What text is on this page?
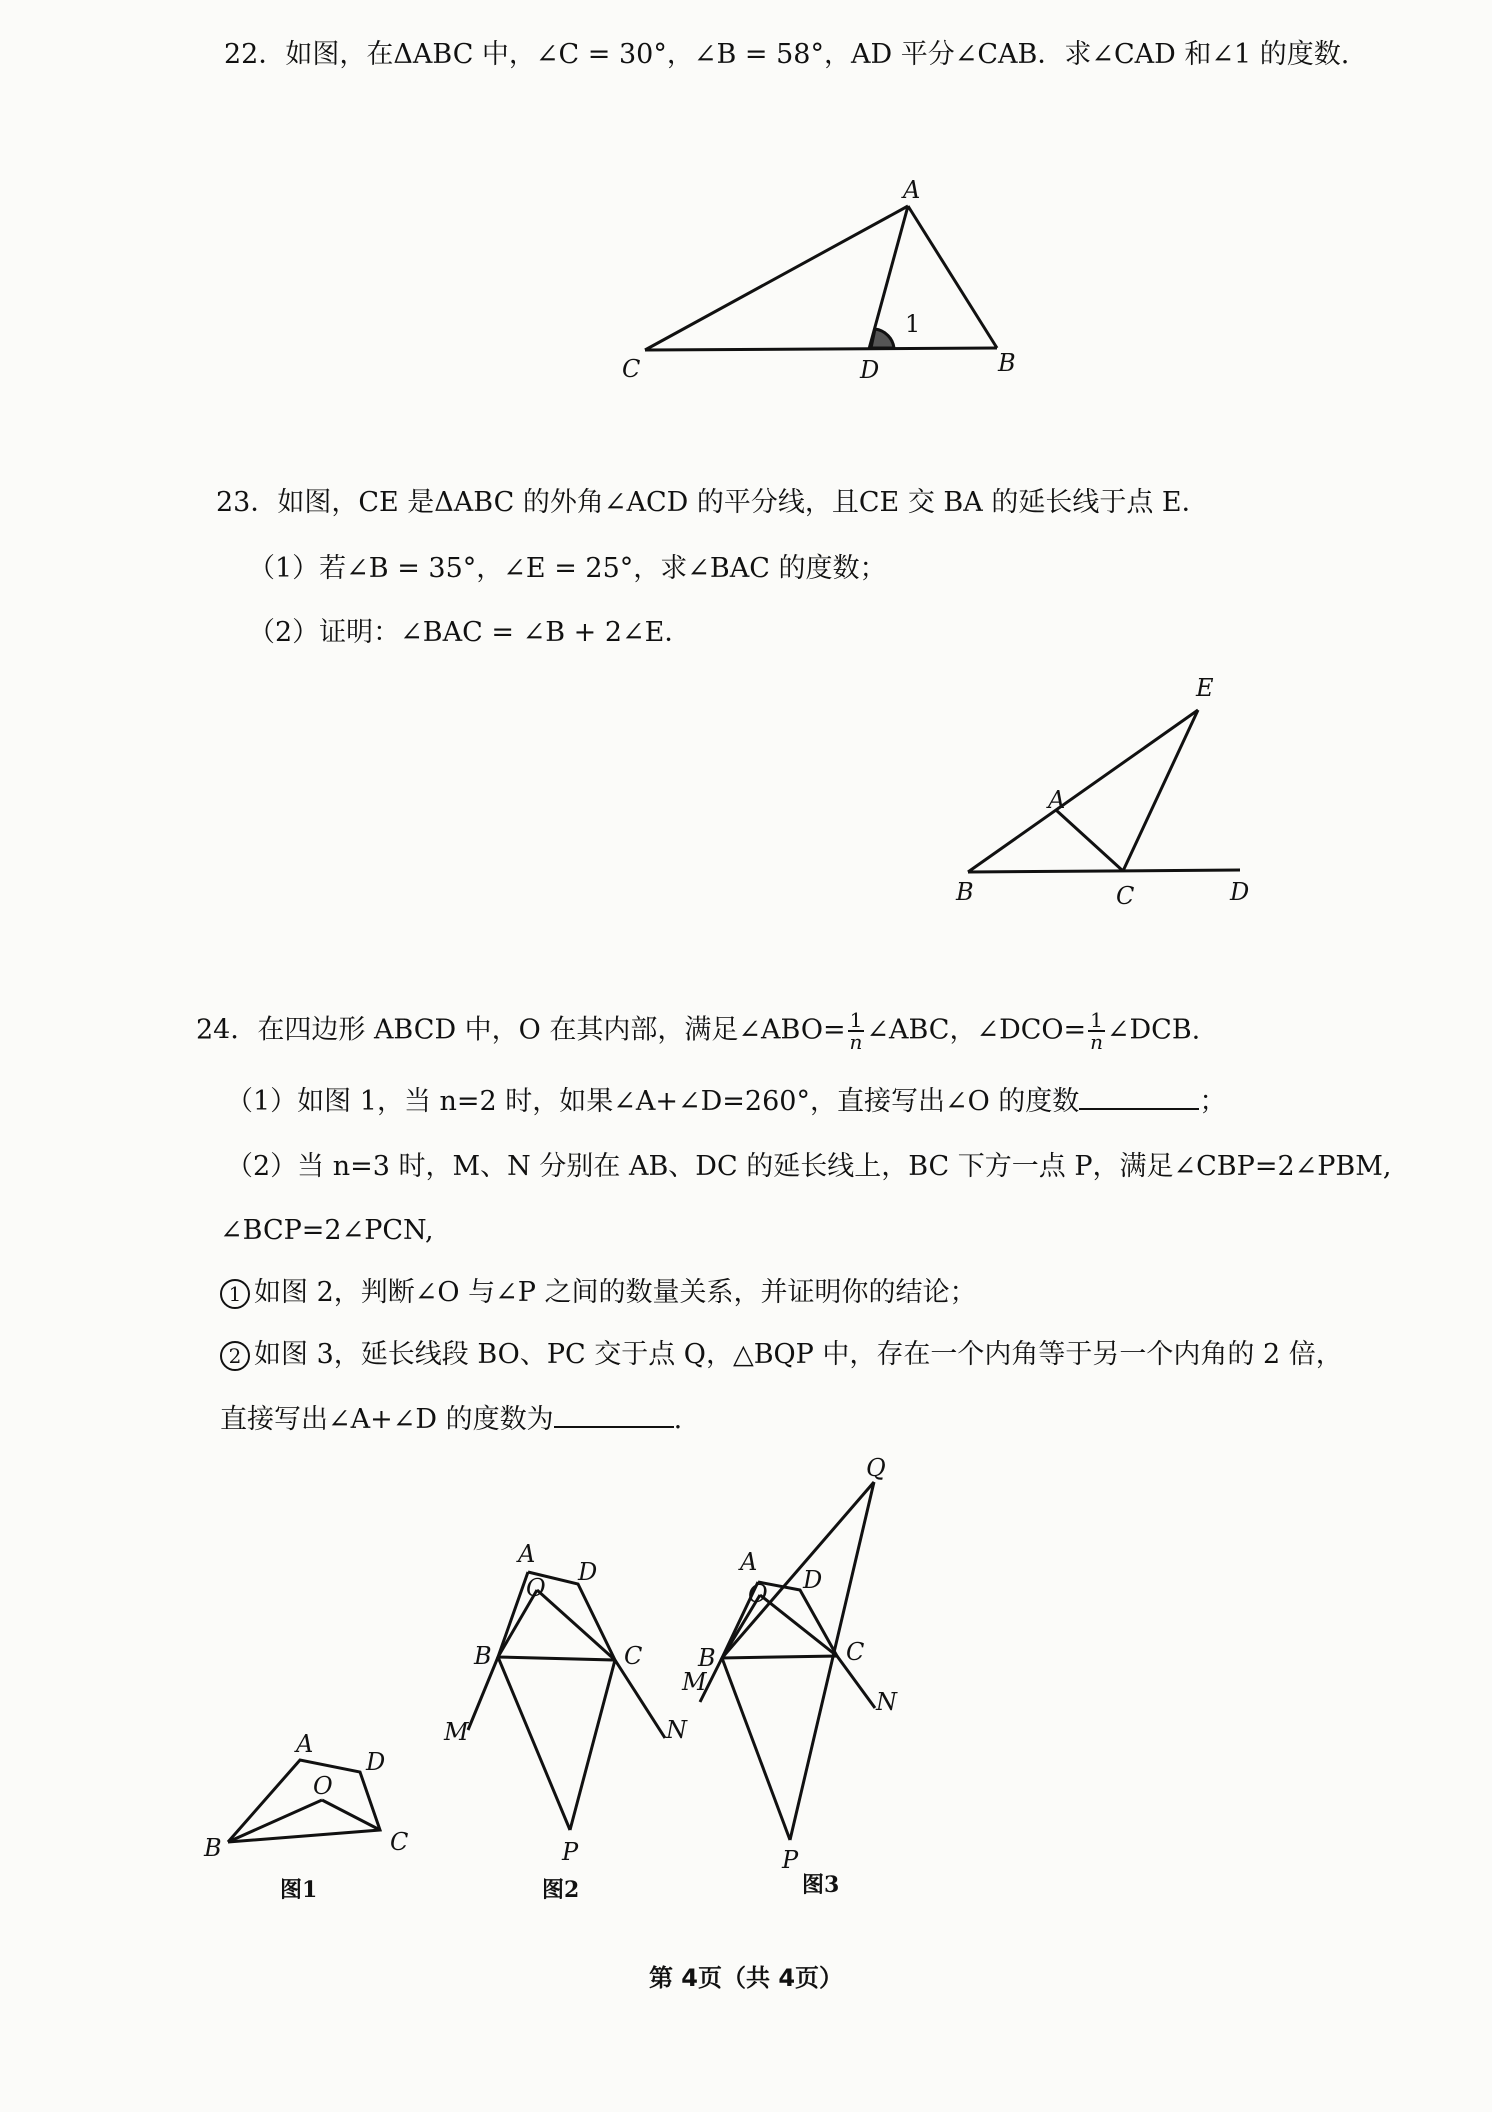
22．如图，在ΔABC 中，∠C = 30°，∠B = 58°，AD 平分∠CAB．求∠CAD 和∠1 的度数.
23．如图，CE 是ΔABC 的外角∠ACD 的平分线，且CE 交 BA 的延长线于点 E．
（1）若∠B = 35°，∠E = 25°，求∠BAC 的度数；
（2）证明：∠BAC = ∠B + 2∠E．
24．在四边形 ABCD 中，O 在其内部，满足∠ABO= $\frac{1}{n}$ ∠ABC，∠DCO= $\frac{1}{n}$ ∠DCB.
（1）如图 1，当 n=2 时，如果∠A+∠D=260°，直接写出∠O 的度数	；
（2）当 n=3 时，M、N 分别在 AB、DC 的延长线上，BC 下方一点 P，满足∠CBP=2∠PBM,
∠BCP=2∠PCN,
1 如图 2，判断∠O 与∠P 之间的数量关系，并证明你的结论；
2 如图 3，延长线段 BO、PC 交于点 Q，△BQP 中，存在一个内角等于另一个内角的 2 倍，
直接写出∠A+∠D 的度数为	.
A
B
C	D
1
A
B	C	D
E
A
B	C
D
O
图1
A
B	C
D
O
M	N
P
图2
A
B	C
D
O
M
N
P
Q
图3
第 4页（共 4页）
